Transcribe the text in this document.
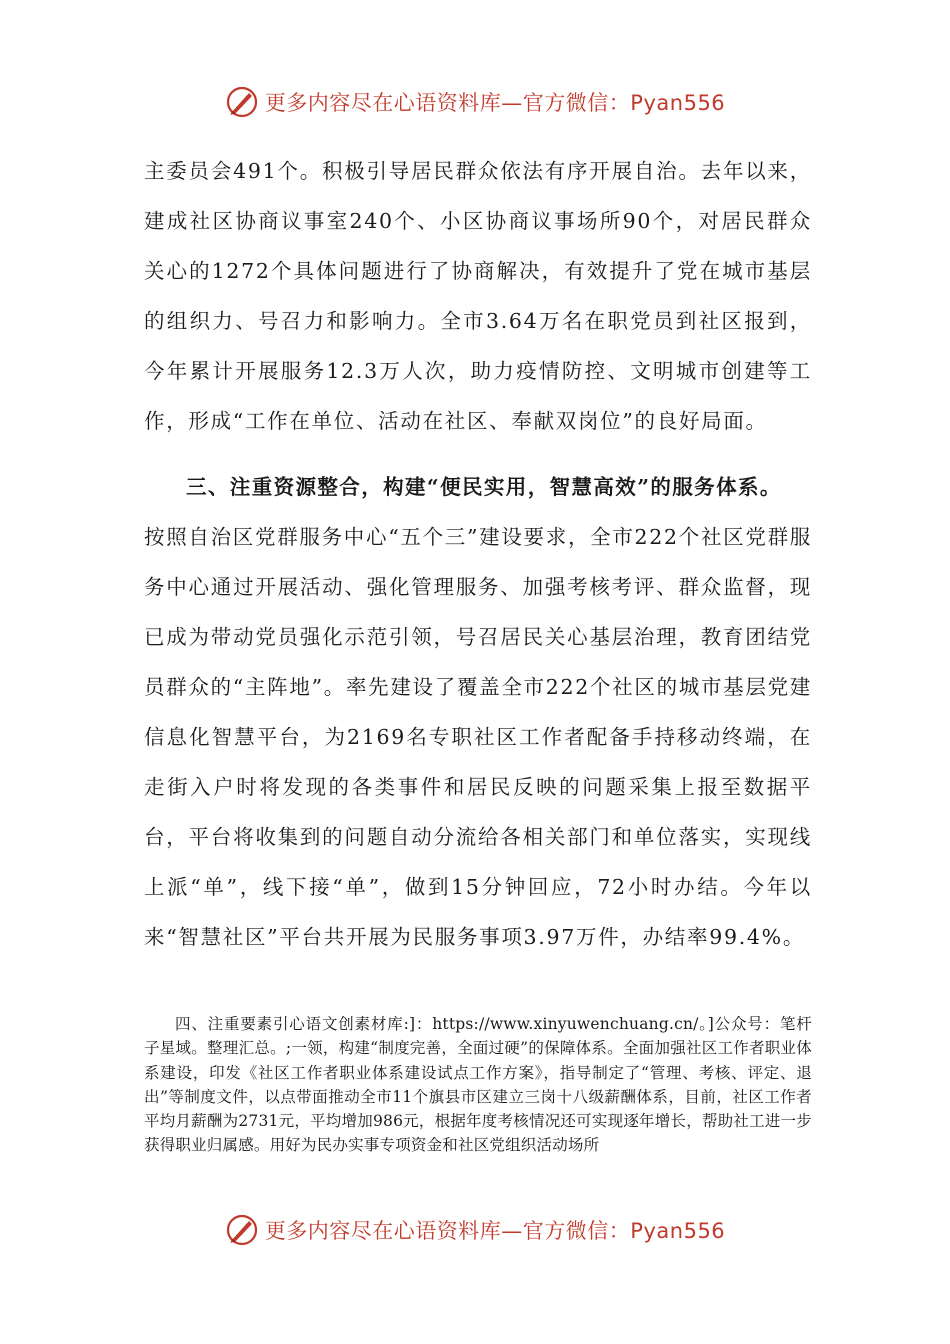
更多内容尽在心语资料库—官方微信：Pyan556

主委员会491个。积极引导居民群众依法有序开展自治。去年以来，建成社区协商议事室240个、小区协商议事场所90个，对居民群众关心的1272个具体问题进行了协商解决，有效提升了党在城市基层的组织力、号召力和影响力。全市3.64万名在职党员到社区报到，今年累计开展服务12.3万人次，助力疫情防控、文明城市创建等工作，形成“工作在单位、活动在社区、奉献双岗位”的良好局面。

三、注重资源整合，构建“便民实用，智慧高效”的服务体系。

按照自治区党群服务中心“五个三”建设要求，全市222个社区党群服务中心通过开展活动、强化管理服务、加强考核考评、群众监督，现已成为带动党员强化示范引领，号召居民关心基层治理，教育团结党员群众的“主阵地”。率先建设了覆盖全市222个社区的城市基层党建信息化智慧平台，为2169名专职社区工作者配备手持移动终端，在走街入户时将发现的各类事件和居民反映的问题采集上报至数据平台，平台将收集到的问题自动分流给各相关部门和单位落实，实现线上派“单”，线下接“单”，做到15分钟回应，72小时办结。今年以来“智慧社区”平台共开展为民服务事项3.97万件，办结率99.4%。

四、注重要素引心语文创素材库:]：https://www.xinyuwenchuang.cn/。]公众号：笔杆子星域。整理汇总。;一领，构建“制度完善，全面过硬”的保障体系。全面加强社区工作者职业体系建设，印发《社区工作者职业体系建设试点工作方案》，指导制定了“管理、考核、评定、退出”等制度文件，以点带面推动全市11个旗县市区建立三岗十八级薪酬体系，目前，社区工作者平均月薪酬为2731元，平均增加986元，根据年度考核情况还可实现逐年增长，帮助社工进一步获得职业归属感。用好为民办实事专项资金和社区党组织活动场所

更多内容尽在心语资料库—官方微信：Pyan556
